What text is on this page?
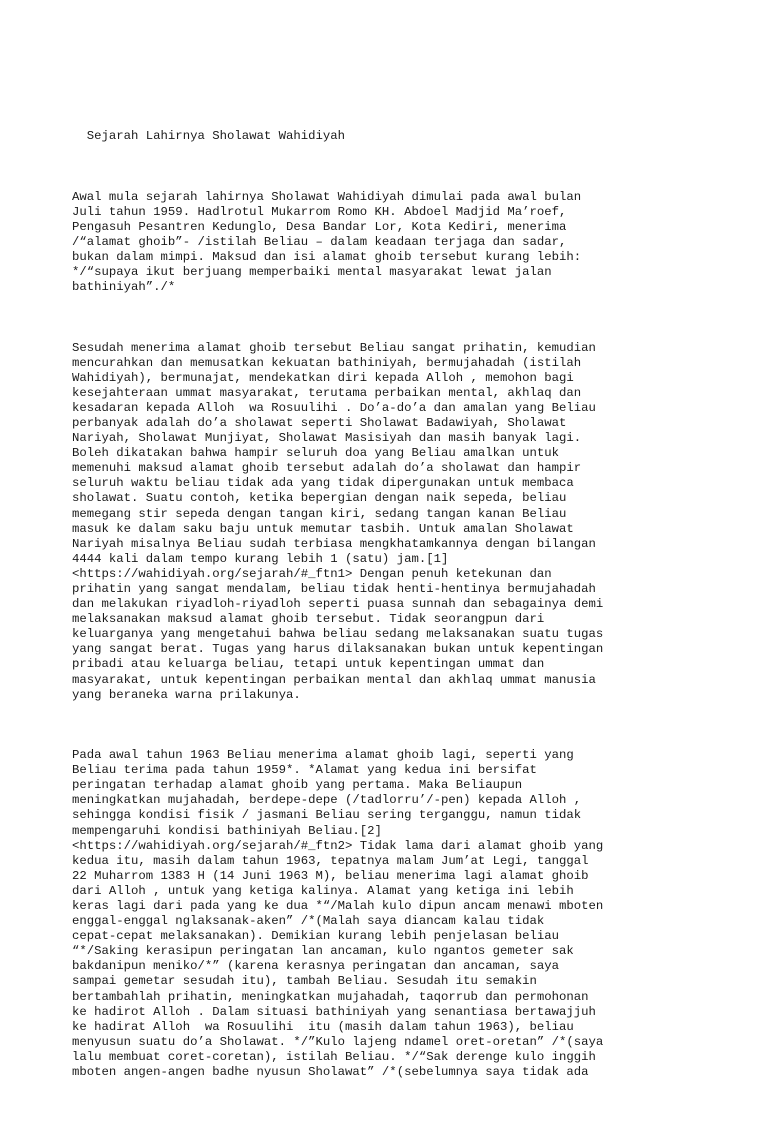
Sejarah Lahirnya Sholawat Wahidiyah

Awal mula sejarah lahirnya Sholawat Wahidiyah dimulai pada awal bulan
Juli tahun 1959. Hadlrotul Mukarrom Romo KH. Abdoel Madjid Ma’roef,
Pengasuh Pesantren Kedunglo, Desa Bandar Lor, Kota Kediri, menerima
/“alamat ghoib”- /istilah Beliau – dalam keadaan terjaga dan sadar,
bukan dalam mimpi. Maksud dan isi alamat ghoib tersebut kurang lebih:
*/“supaya ikut berjuang memperbaiki mental masyarakat lewat jalan
bathiniyah”./*

Sesudah menerima alamat ghoib tersebut Beliau sangat prihatin, kemudian
mencurahkan dan memusatkan kekuatan bathiniyah, bermujahadah (istilah
Wahidiyah), bermunajat, mendekatkan diri kepada Alloh , memohon bagi
kesejahteraan ummat masyarakat, terutama perbaikan mental, akhlaq dan
kesadaran kepada Alloh  wa Rosuulihi . Do’a-do’a dan amalan yang Beliau
perbanyak adalah do’a sholawat seperti Sholawat Badawiyah, Sholawat
Nariyah, Sholawat Munjiyat, Sholawat Masisiyah dan masih banyak lagi.
Boleh dikatakan bahwa hampir seluruh doa yang Beliau amalkan untuk
memenuhi maksud alamat ghoib tersebut adalah do’a sholawat dan hampir
seluruh waktu beliau tidak ada yang tidak dipergunakan untuk membaca
sholawat. Suatu contoh, ketika bepergian dengan naik sepeda, beliau
memegang stir sepeda dengan tangan kiri, sedang tangan kanan Beliau
masuk ke dalam saku baju untuk memutar tasbih. Untuk amalan Sholawat
Nariyah misalnya Beliau sudah terbiasa mengkhatamkannya dengan bilangan
4444 kali dalam tempo kurang lebih 1 (satu) jam.[1]
<https://wahidiyah.org/sejarah/#_ftn1> Dengan penuh ketekunan dan
prihatin yang sangat mendalam, beliau tidak henti-hentinya bermujahadah
dan melakukan riyadloh-riyadloh seperti puasa sunnah dan sebagainya demi
melaksanakan maksud alamat ghoib tersebut. Tidak seorangpun dari
keluarganya yang mengetahui bahwa beliau sedang melaksanakan suatu tugas
yang sangat berat. Tugas yang harus dilaksanakan bukan untuk kepentingan
pribadi atau keluarga beliau, tetapi untuk kepentingan ummat dan
masyarakat, untuk kepentingan perbaikan mental dan akhlaq ummat manusia
yang beraneka warna prilakunya.

Pada awal tahun 1963 Beliau menerima alamat ghoib lagi, seperti yang
Beliau terima pada tahun 1959*. *Alamat yang kedua ini bersifat
peringatan terhadap alamat ghoib yang pertama. Maka Beliaupun
meningkatkan mujahadah, berdepe-depe (/tadlorru’/-pen) kepada Alloh ,
sehingga kondisi fisik / jasmani Beliau sering terganggu, namun tidak
mempengaruhi kondisi bathiniyah Beliau.[2]
<https://wahidiyah.org/sejarah/#_ftn2> Tidak lama dari alamat ghoib yang
kedua itu, masih dalam tahun 1963, tepatnya malam Jum’at Legi, tanggal
22 Muharrom 1383 H (14 Juni 1963 M), beliau menerima lagi alamat ghoib
dari Alloh , untuk yang ketiga kalinya. Alamat yang ketiga ini lebih
keras lagi dari pada yang ke dua *“/Malah kulo dipun ancam menawi mboten
enggal-enggal nglaksanak-aken” /*(Malah saya diancam kalau tidak
cepat-cepat melaksanakan). Demikian kurang lebih penjelasan beliau
“*/Saking kerasipun peringatan lan ancaman, kulo ngantos gemeter sak
bakdanipun meniko/*” (karena kerasnya peringatan dan ancaman, saya
sampai gemetar sesudah itu), tambah Beliau. Sesudah itu semakin
bertambahlah prihatin, meningkatkan mujahadah, taqorrub dan permohonan
ke hadirot Alloh . Dalam situasi bathiniyah yang senantiasa bertawajjuh
ke hadirat Alloh  wa Rosuulihi  itu (masih dalam tahun 1963), beliau
menyusun suatu do’a Sholawat. */”Kulo lajeng ndamel oret-oretan” /*(saya
lalu membuat coret-coretan), istilah Beliau. */“Sak derenge kulo inggih
mboten angen-angen badhe nyusun Sholawat” /*(sebelumnya saya tidak ada
